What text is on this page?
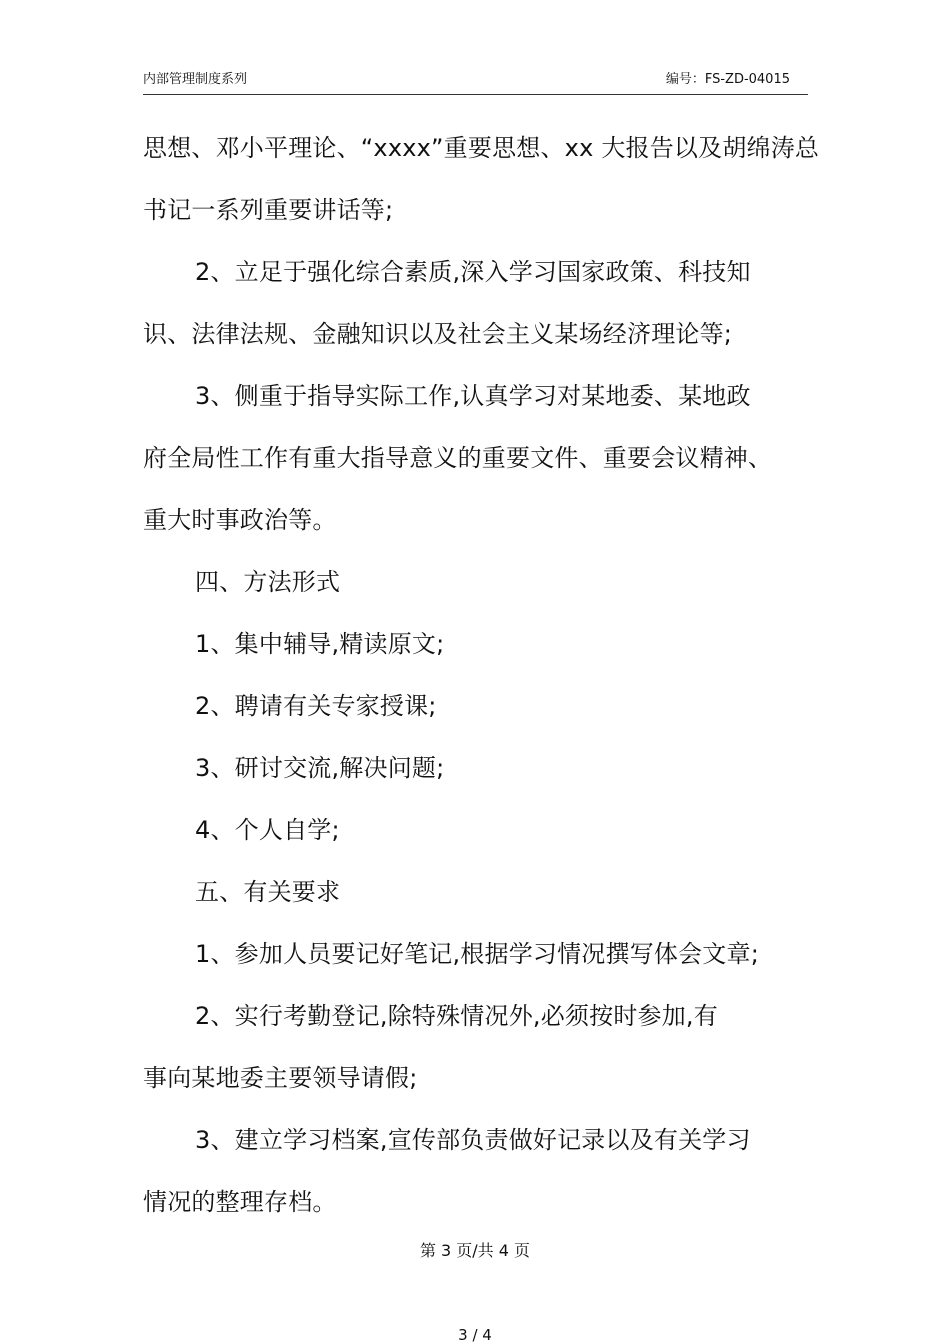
内部管理制度系列	编号：FS-ZD-04015
思想、邓小平理论、“xxxx”重要思想、xx 大报告以及胡绵涛总
书记一系列重要讲话等;
2、立足于强化综合素质,深入学习国家政策、科技知
识、法律法规、金融知识以及社会主义某场经济理论等;
3、侧重于指导实际工作,认真学习对某地委、某地政
府全局性工作有重大指导意义的重要文件、重要会议精神、
重大时事政治等。
四、方法形式
1、集中辅导,精读原文;
2、聘请有关专家授课;
3、研讨交流,解决问题;
4、个人自学;
五、有关要求
1、参加人员要记好笔记,根据学习情况撰写体会文章;
2、实行考勤登记,除特殊情况外,必须按时参加,有
事向某地委主要领导请假;
3、建立学习档案,宣传部负责做好记录以及有关学习
情况的整理存档。
第 3 页/共 4 页
3 / 4
